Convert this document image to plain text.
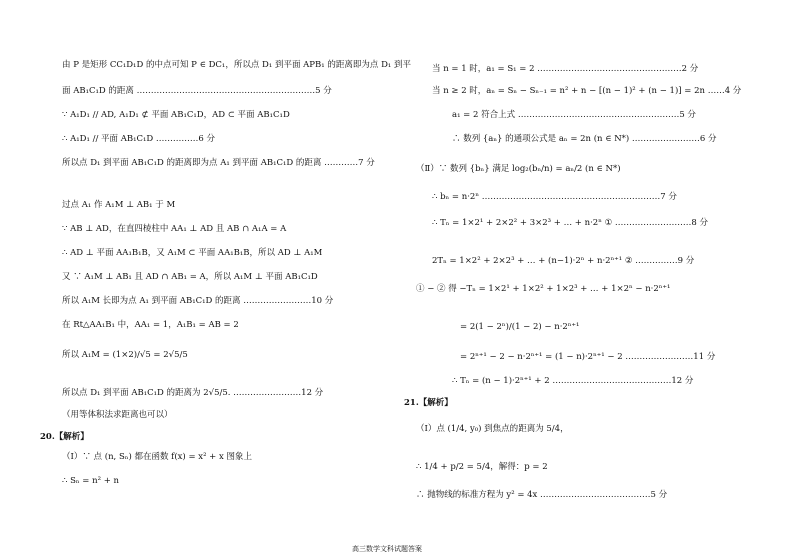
由 P 是矩形 CC₁D₁D 的中点可知 P ∈ DC₁，所以点 D₁ 到平面 APB₁ 的距离即为点 D₁ 到平
面 AB₁C₁D 的距离 ………………………………………………………5 分
∵ A₁D₁ // AD, A₁D₁ ⊄ 平面 AB₁C₁D，AD ⊂ 平面 AB₁C₁D
∴ A₁D₁ // 平面 AB₁C₁D ……………6 分
所以点 D₁ 到平面 AB₁C₁D 的距离即为点 A₁ 到平面 AB₁C₁D 的距离 …………7 分
过点 A₁ 作 A₁M ⊥ AB₁ 于 M
∵ AB ⊥ AD，在直四棱柱中 AA₁ ⊥ AD 且 AB ∩ A₁A = A
∴ AD ⊥ 平面 AA₁B₁B，又 A₁M ⊂ 平面 AA₁B₁B，所以 AD ⊥ A₁M
又 ∵ A₁M ⊥ AB₁ 且 AD ∩ AB₁ = A，所以 A₁M ⊥ 平面 AB₁C₁D
所以 A₁M 长即为点 A₁ 到平面 AB₁C₁D 的距离 ……………………10 分
在 Rt△AA₁B₁ 中，AA₁ = 1，A₁B₁ = AB = 2
所以 A₁M = (1×2)/√5 = 2√5/5
所以点 D₁ 到平面 AB₁C₁D 的距离为 2√5/5. ……………………12 分
（用等体积法求距离也可以）
20.【解析】
（Ⅰ）∵ 点 (n, Sₙ) 都在函数 f(x) = x² + x 图象上
∴ Sₙ = n² + n
当 n = 1 时，a₁ = S₁ = 2 ……………………………………………2 分
当 n ≥ 2 时，aₙ = Sₙ − Sₙ₋₁ = n² + n − [(n − 1)² + (n − 1)] = 2n ……4 分
a₁ = 2 符合上式 …………………………………………………5 分
∴ 数列 {aₙ} 的通项公式是 aₙ = 2n (n ∈ N*) ……………………6 分
（Ⅱ）∵ 数列 {bₙ} 满足 log₂(bₙ/n) = aₙ/2 (n ∈ N*)
∴ bₙ = n·2ⁿ ………………………………………………………7 分
∴ Tₙ = 1×2¹ + 2×2² + 3×2³ + … + n·2ⁿ ① ………………………8 分
2Tₙ = 1×2² + 2×2³ + … + (n−1)·2ⁿ + n·2ⁿ⁺¹ ② ……………9 分
① − ② 得 −Tₙ = 1×2¹ + 1×2² + 1×2³ + … + 1×2ⁿ − n·2ⁿ⁺¹
= 2(1 − 2ⁿ)/(1 − 2) − n·2ⁿ⁺¹
= 2ⁿ⁺¹ − 2 − n·2ⁿ⁺¹ = (1 − n)·2ⁿ⁺¹ − 2 ……………………11 分
∴ Tₙ = (n − 1)·2ⁿ⁺¹ + 2 ……………………………………12 分
21.【解析】
（Ⅰ）点 (1/4, y₀) 到焦点的距离为 5/4，
∴ 1/4 + p/2 = 5/4，解得：p = 2
∴ 抛物线的标准方程为 y² = 4x …………………………………5 分
高三数学文科试题答案
